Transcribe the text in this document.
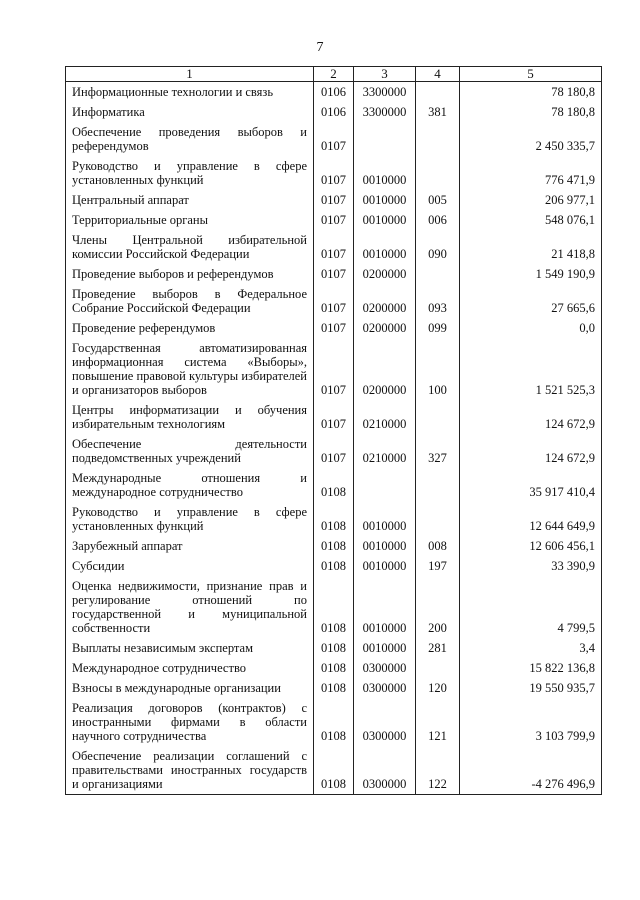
7
1	2	3	4	5
Информационные технологии и связь	0106	3300000		78 180,8
Информатика	0106	3300000	381	78 180,8
Обеспечение проведения выборов и референдумов	0107			2 450 335,7
Руководство и управление в сфере установленных функций	0107	0010000		776 471,9
Центральный аппарат	0107	0010000	005	206 977,1
Территориальные органы	0107	0010000	006	548 076,1
Члены Центральной избирательной комиссии Российской Федерации	0107	0010000	090	21 418,8
Проведение выборов и референдумов	0107	0200000		1 549 190,9
Проведение выборов в Федеральное Собрание Российской Федерации	0107	0200000	093	27 665,6
Проведение референдумов	0107	0200000	099	0,0
Государственная автоматизированная информационная система «Выборы», повышение правовой культуры избирателей и организаторов выборов	0107	0200000	100	1 521 525,3
Центры информатизации и обучения избирательным технологиям	0107	0210000		124 672,9
Обеспечение деятельности подведомственных учреждений	0107	0210000	327	124 672,9
Международные отношения и международное сотрудничество	0108			35 917 410,4
Руководство и управление в сфере установленных функций	0108	0010000		12 644 649,9
Зарубежный аппарат	0108	0010000	008	12 606 456,1
Субсидии	0108	0010000	197	33 390,9
Оценка недвижимости, признание прав и регулирование отношений по государственной и муниципальной собственности	0108	0010000	200	4 799,5
Выплаты независимым экспертам	0108	0010000	281	3,4
Международное сотрудничество	0108	0300000		15 822 136,8
Взносы в международные организации	0108	0300000	120	19 550 935,7
Реализация договоров (контрактов) с иностранными фирмами в области научного сотрудничества	0108	0300000	121	3 103 799,9
Обеспечение реализации соглашений с правительствами иностранных государств и организациями	0108	0300000	122	-4 276 496,9
